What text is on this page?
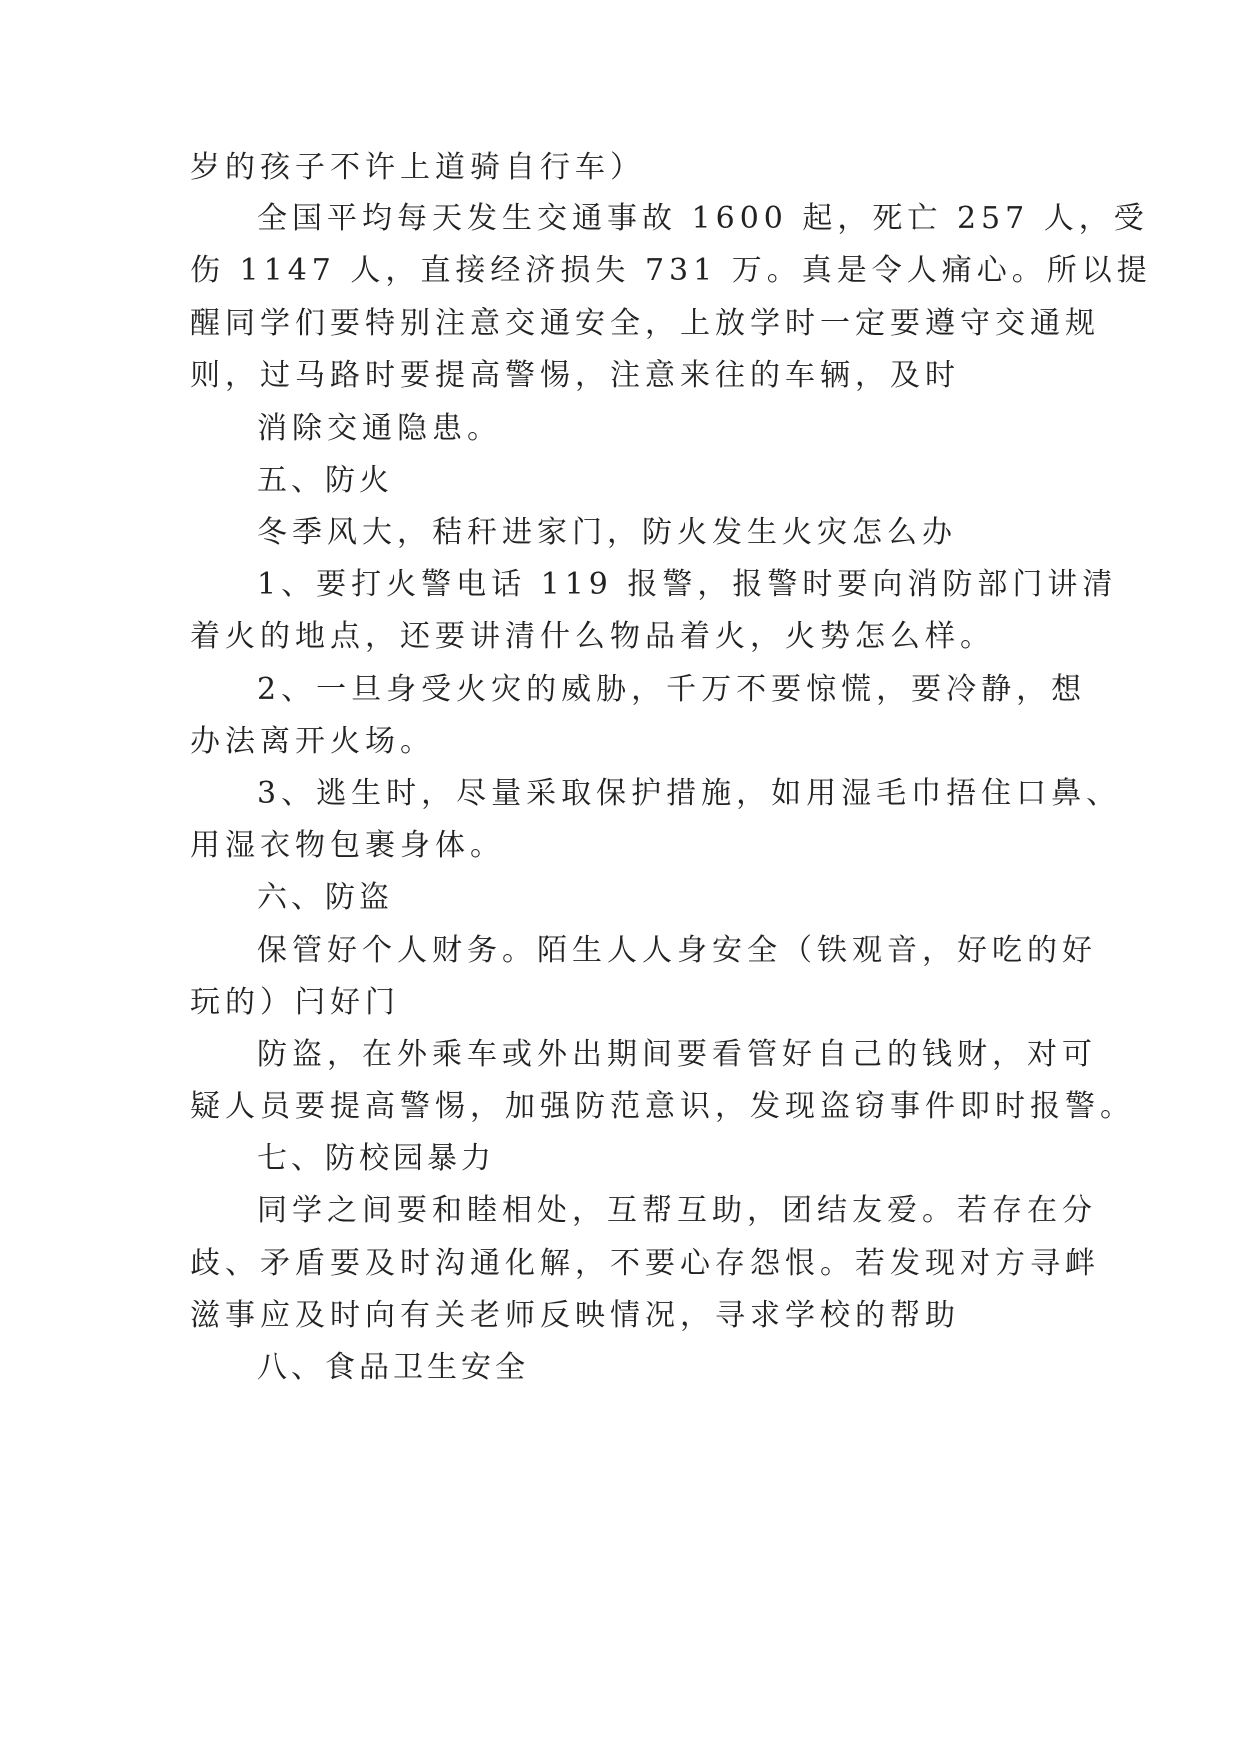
岁的孩子不许上道骑自行车）
全国平均每天发生交通事故 1600 起，死亡 257 人，受
伤 1147 人，直接经济损失 731 万。真是令人痛心。所以提
醒同学们要特别注意交通安全，上放学时一定要遵守交通规
则，过马路时要提高警惕，注意来往的车辆，及时
消除交通隐患。
五、防火
冬季风大，秸秆进家门，防火发生火灾怎么办
1、要打火警电话 119 报警，报警时要向消防部门讲清
着火的地点，还要讲清什么物品着火，火势怎么样。
2、一旦身受火灾的威胁，千万不要惊慌，要冷静，想
办法离开火场。
3、逃生时，尽量采取保护措施，如用湿毛巾捂住口鼻、
用湿衣物包裹身体。
六、防盗
保管好个人财务。陌生人人身安全（铁观音，好吃的好
玩的）闩好门
防盗，在外乘车或外出期间要看管好自己的钱财，对可
疑人员要提高警惕，加强防范意识，发现盗窃事件即时报警。
七、防校园暴力
同学之间要和睦相处，互帮互助，团结友爱。若存在分
歧、矛盾要及时沟通化解，不要心存怨恨。若发现对方寻衅
滋事应及时向有关老师反映情况，寻求学校的帮助
八、食品卫生安全
